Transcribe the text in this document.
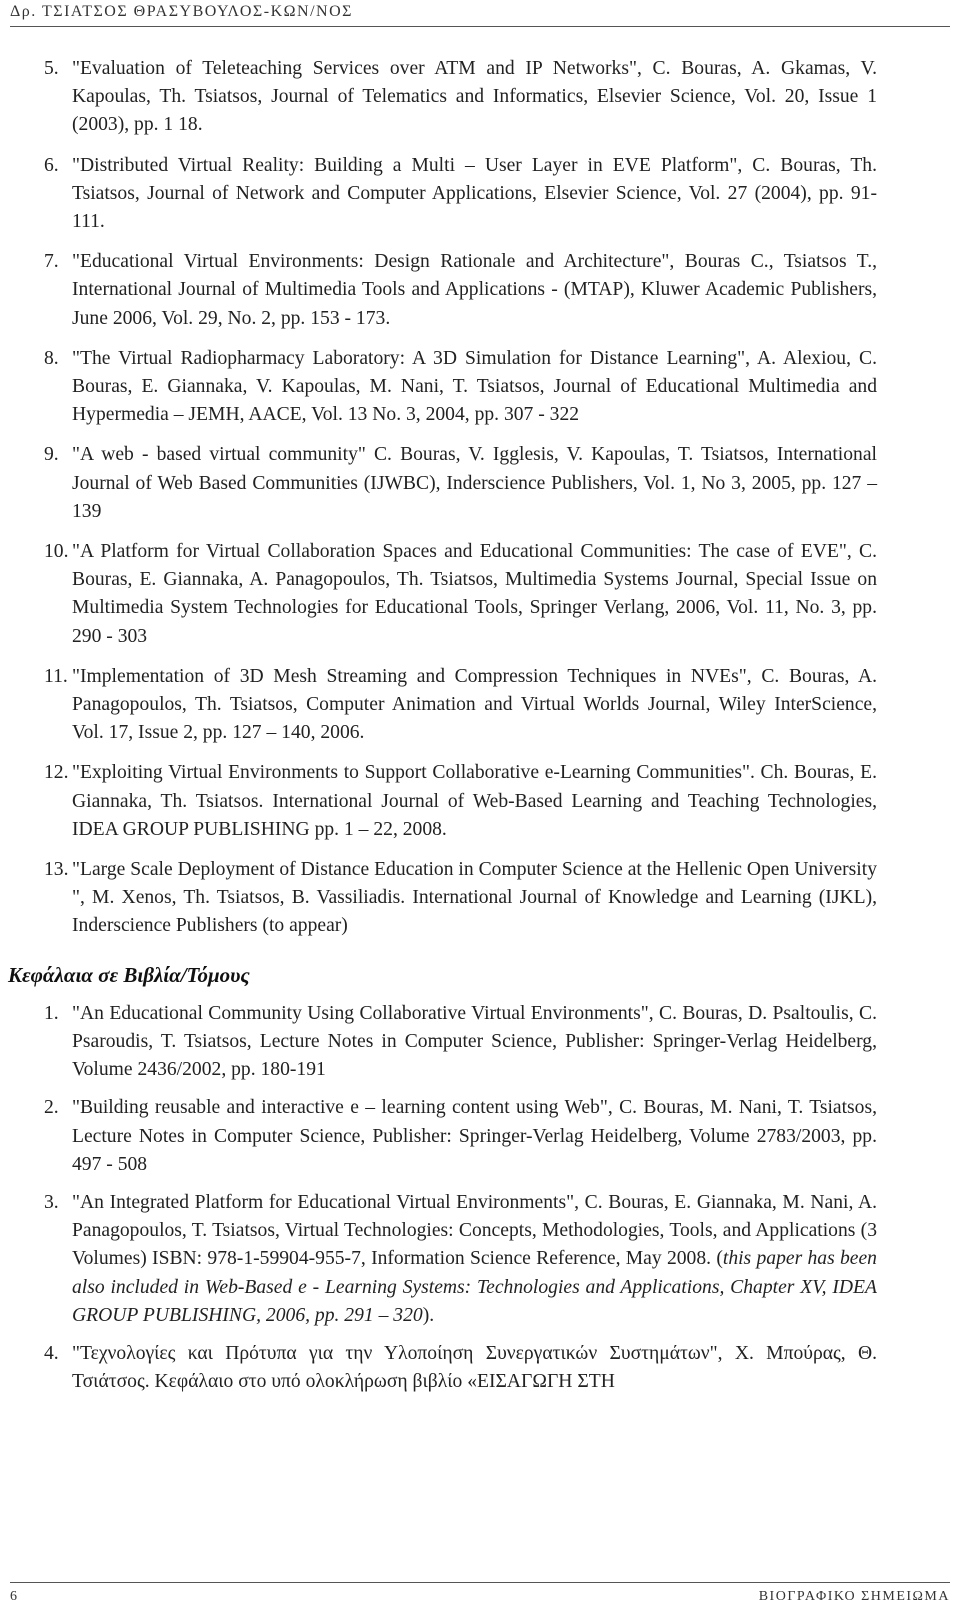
Δρ. ΤΣΙΑΤΣΟΣ ΘΡΑΣΥΒΟΥΛΟΣ-ΚΩΝ/ΝΟΣ
5. "Evaluation of Teleteaching Services over ATM and IP Networks", C. Bouras, A. Gkamas, V. Kapoulas, Th. Tsiatsos, Journal of Telematics and Informatics, Elsevier Science, Vol. 20, Issue 1 (2003), pp. 1 18.
6. "Distributed Virtual Reality: Building a Multi – User Layer in EVE Platform", C. Bouras, Th. Tsiatsos, Journal of Network and Computer Applications, Elsevier Science, Vol. 27 (2004), pp. 91-111.
7. "Educational Virtual Environments: Design Rationale and Architecture", Bouras C., Tsiatsos T., International Journal of Multimedia Tools and Applications - (MTAP), Kluwer Academic Publishers, June 2006, Vol. 29, No. 2, pp. 153 - 173.
8. "The Virtual Radiopharmacy Laboratory: A 3D Simulation for Distance Learning", A. Alexiou, C. Bouras, E. Giannaka, V. Kapoulas, M. Nani, T. Tsiatsos, Journal of Educational Multimedia and Hypermedia – JEMH, AACE, Vol. 13 No. 3, 2004, pp. 307 - 322
9. "A web - based virtual community" C. Bouras, V. Igglesis, V. Kapoulas, T. Tsiatsos, International Journal of Web Based Communities (IJWBC), Inderscience Publishers, Vol. 1, No 3, 2005, pp. 127 – 139
10. "A Platform for Virtual Collaboration Spaces and Educational Communities: The case of EVE", C. Bouras, E. Giannaka, A. Panagopoulos, Th. Tsiatsos, Multimedia Systems Journal, Special Issue on Multimedia System Technologies for Educational Tools, Springer Verlang, 2006, Vol. 11, No. 3, pp. 290 - 303
11. "Implementation of 3D Mesh Streaming and Compression Techniques in NVEs", C. Bouras, A. Panagopoulos, Th. Tsiatsos, Computer Animation and Virtual Worlds Journal, Wiley InterScience, Vol. 17, Issue 2, pp. 127 – 140, 2006.
12. "Exploiting Virtual Environments to Support Collaborative e-Learning Communities". Ch. Bouras, E. Giannaka, Th. Tsiatsos. International Journal of Web-Based Learning and Teaching Technologies, IDEA GROUP PUBLISHING pp. 1 – 22, 2008.
13. "Large Scale Deployment of Distance Education in Computer Science at the Hellenic Open University ", M. Xenos, Th. Tsiatsos, B. Vassiliadis. International Journal of Knowledge and Learning (IJKL), Inderscience Publishers (to appear)
Κεφάλαια σε Βιβλία/Τόμους
1. "An Educational Community Using Collaborative Virtual Environments", C. Bouras, D. Psaltoulis, C. Psaroudis, T. Tsiatsos, Lecture Notes in Computer Science, Publisher: Springer-Verlag Heidelberg, Volume 2436/2002, pp. 180-191
2. "Building reusable and interactive e – learning content using Web", C. Bouras, M. Nani, T. Tsiatsos, Lecture Notes in Computer Science, Publisher: Springer-Verlag Heidelberg, Volume 2783/2003, pp. 497 - 508
3. "An Integrated Platform for Educational Virtual Environments", C. Bouras, E. Giannaka, M. Nani, A. Panagopoulos, T. Tsiatsos, Virtual Technologies: Concepts, Methodologies, Tools, and Applications (3 Volumes) ISBN: 978-1-59904-955-7, Information Science Reference, May 2008. (this paper has been also included in Web-Based e - Learning Systems: Technologies and Applications, Chapter XV, IDEA GROUP PUBLISHING, 2006, pp. 291 – 320).
4. "Τεχνολογίες και Πρότυπα για την Υλοποίηση Συνεργατικών Συστημάτων", Χ. Μπούρας, Θ. Τσιάτσος. Κεφάλαιο στο υπό ολοκλήρωση βιβλίο «ΕΙΣΑΓΩΓΗ ΣΤΗ
6	ΒΙΟΓΡΑΦΙΚΟ ΣΗΜΕΙΩΜΑ
